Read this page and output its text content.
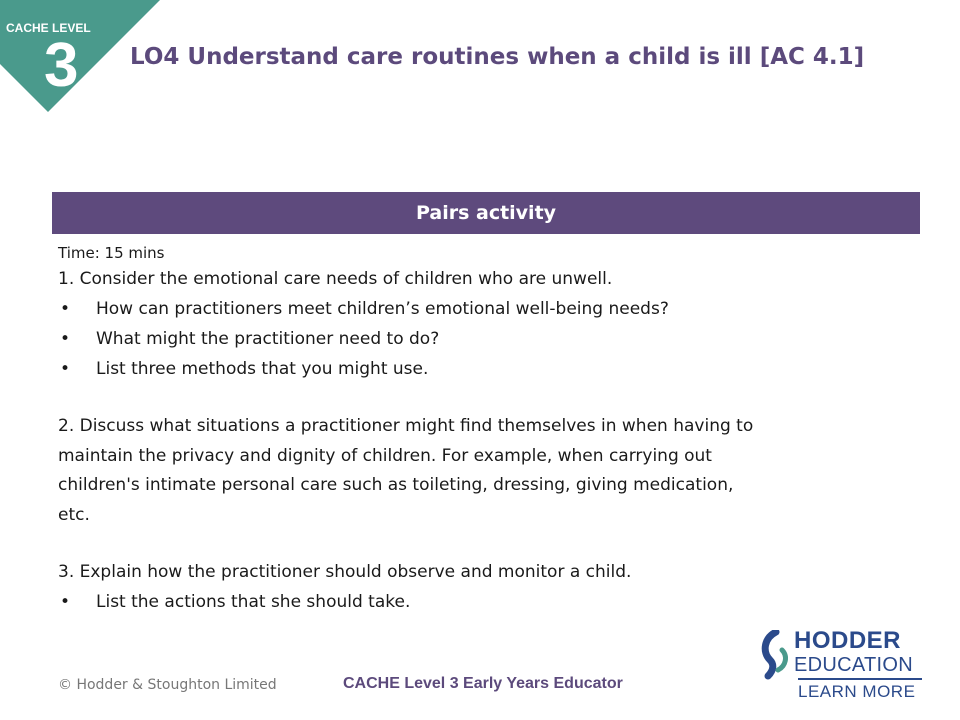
CACHE LEVEL
3 LO4 Understand care routines when a child is ill [AC 4.1]
Pairs activity
Time: 15 mins
1. Consider the emotional care needs of children who are unwell.
•	How can practitioners meet children’s emotional well-being needs?
•	What might the practitioner need to do?
•	List three methods that you might use.
2. Discuss what situations a practitioner might find themselves in when having to
maintain the privacy and dignity of children. For example, when carrying out
children's intimate personal care such as toileting, dressing, giving medication,
etc.
3. Explain how the practitioner should observe and monitor a child.
•	List the actions that she should take.
© Hodder & Stoughton Limited	CACHE Level 3 Early Years Educator
HODDER
EDUCATION
LEARN MORE
